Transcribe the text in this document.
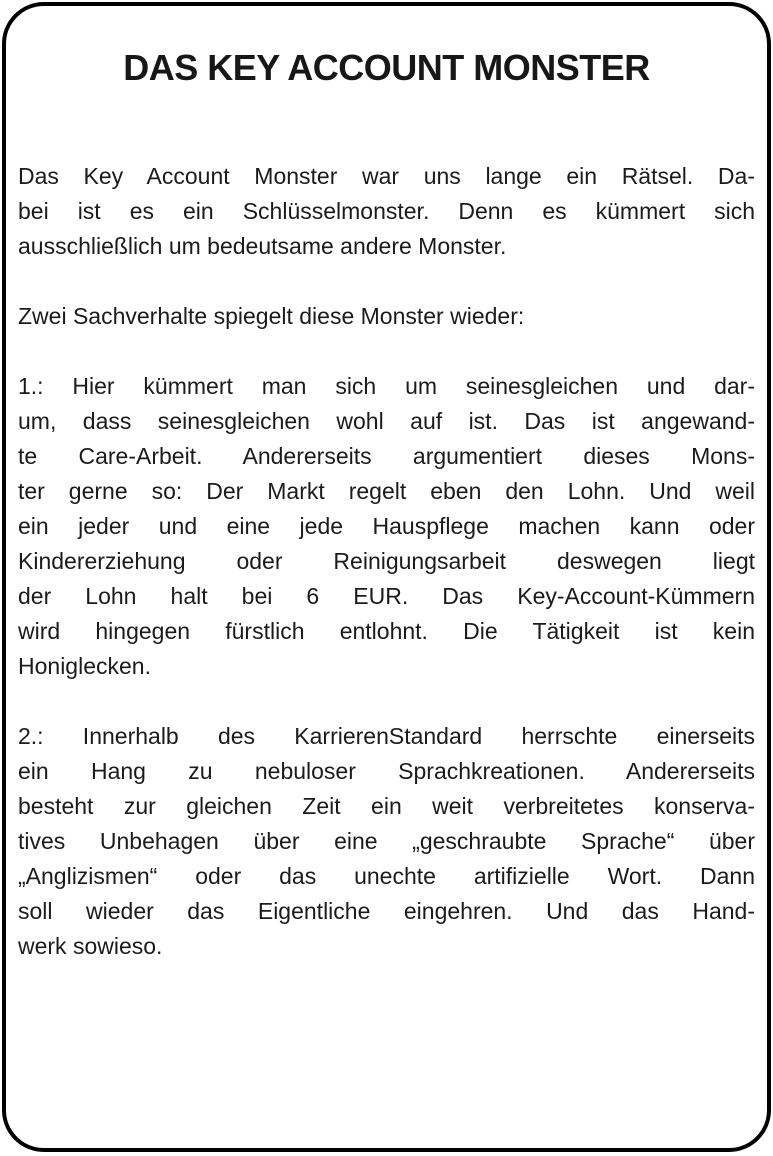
DAS KEY ACCOUNT MONSTER
Das Key Account Monster war uns lange ein Rätsel. Da-
bei ist es ein Schlüsselmonster. Denn es kümmert sich
ausschließlich um bedeutsame andere Monster.
Zwei Sachverhalte spiegelt diese Monster wieder:
1.: Hier kümmert man sich um seinesgleichen und dar-
um, dass seinesgleichen wohl auf ist. Das ist angewand-
te Care-Arbeit. Andererseits argumentiert dieses Mons-
ter gerne so: Der Markt regelt eben den Lohn. Und weil
ein jeder und eine jede Hauspflege machen kann oder
Kindererziehung oder Reinigungsarbeit deswegen liegt
der Lohn halt bei 6 EUR. Das Key-Account-Kümmern
wird hingegen fürstlich entlohnt. Die Tätigkeit ist kein
Honiglecken.
2.: Innerhalb des KarrierenStandard herrschte einerseits
ein Hang zu nebuloser Sprachkreationen. Andererseits
besteht zur gleichen Zeit ein weit verbreitetes konserva-
tives Unbehagen über eine „geschraubte Sprache“ über
„Anglizismen“ oder das unechte artifizielle Wort. Dann
soll wieder das Eigentliche eingehren. Und das Hand-
werk sowieso.
